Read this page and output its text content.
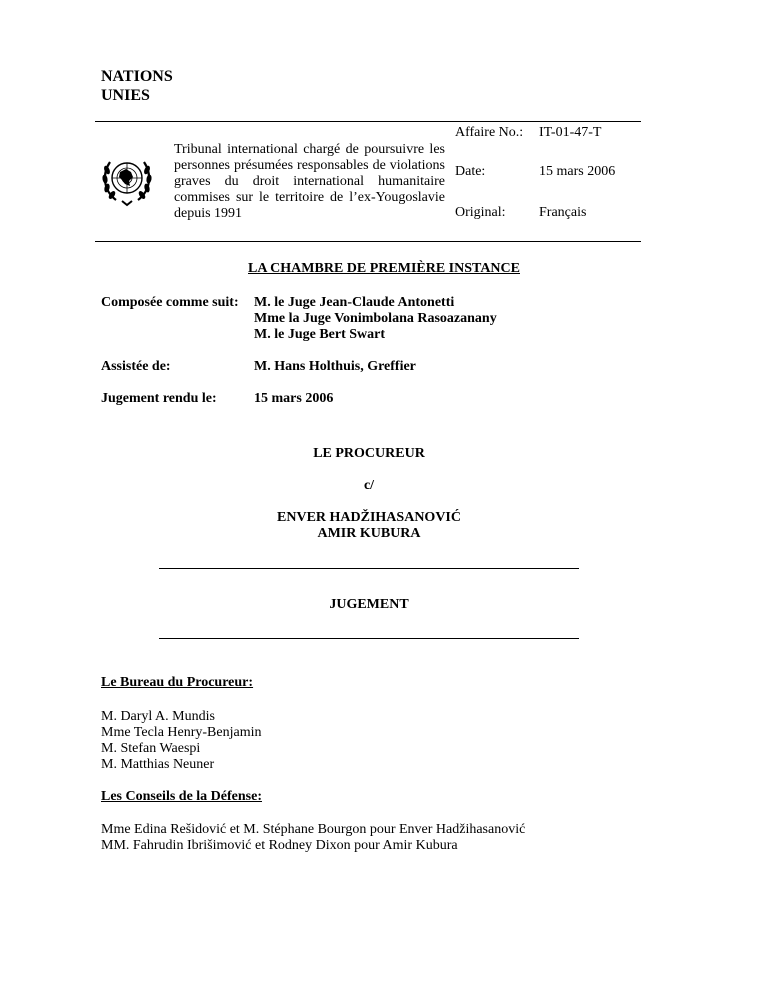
NATIONS
UNIES
Tribunal international chargé de poursuivre les personnes présumées responsables de violations graves du droit international humanitaire commises sur le territoire de l’ex-Yougoslavie depuis 1991
Affaire No.: IT-01-47-T
Date:	15 mars 2006
Original: Français
LA CHAMBRE DE PREMIÈRE INSTANCE
Composée comme suit: M. le Juge Jean-Claude Antonetti
Mme la Juge Vonimbolana Rasoazanany
M. le Juge Bert Swart
Assistée de:	M. Hans Holthuis, Greffier
Jugement rendu le:	15 mars 2006
LE PROCUREUR
c/
ENVER HADŽIHASANOVIĆ
AMIR KUBURA
JUGEMENT
Le Bureau du Procureur:
M. Daryl A. Mundis
Mme Tecla Henry-Benjamin
M. Stefan Waespi
M. Matthias Neuner
Les Conseils de la Défense:
Mme Edina Rešidović et M. Stéphane Bourgon pour Enver Hadžihasanović
MM. Fahrudin Ibrišimović et Rodney Dixon pour Amir Kubura
